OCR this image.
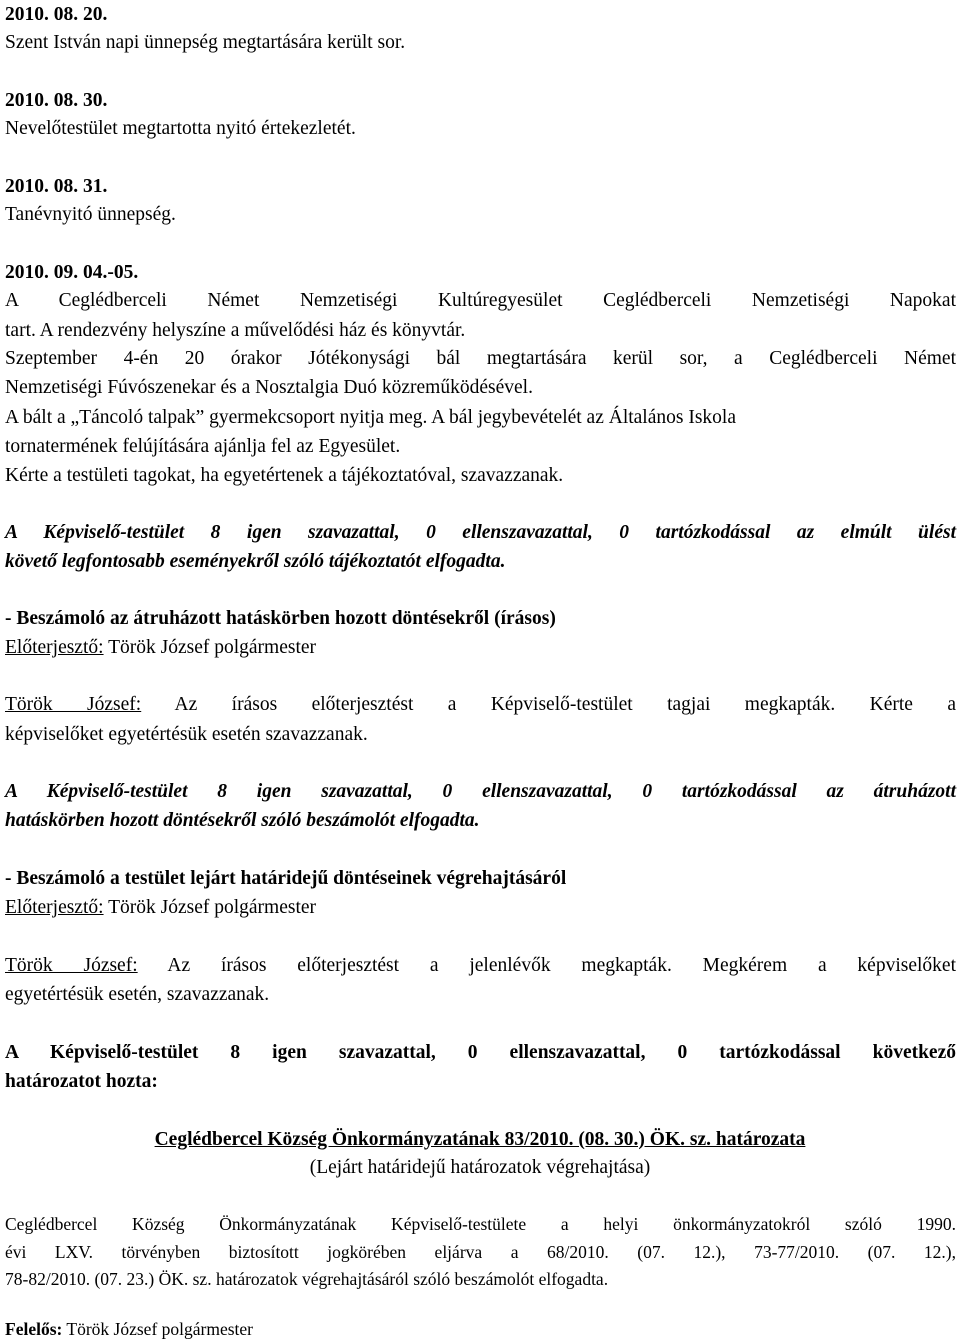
2010. 08. 20.
Szent István napi ünnepség megtartására került sor.
2010. 08. 30.
Nevelőtestület megtartotta nyitó értekezletét.
2010. 08. 31.
Tanévnyitó ünnepség.
2010. 09. 04.-05.
A Ceglédberceli Német Nemzetiségi Kultúregyesület Ceglédberceli Nemzetiségi Napokat
tart. A rendezvény helyszíne a művelődési ház és könyvtár.
Szeptember 4-én 20 órakor Jótékonysági bál megtartására kerül sor, a Ceglédberceli Német
Nemzetiségi Fúvószenekar és a Nosztalgia Duó közreműködésével.
A bált a „Táncoló talpak” gyermekcsoport nyitja meg. A bál jegybevételét az Általános Iskola
tornatermének felújítására ajánlja fel az Egyesület.
Kérte a testületi tagokat, ha egyetértenek a tájékoztatóval, szavazzanak.
A Képviselő-testület 8 igen szavazattal, 0 ellenszavazattal, 0 tartózkodással az elmúlt ülést
követő legfontosabb eseményekről szóló tájékoztatót elfogadta.
- Beszámoló az átruházott hatáskörben hozott döntésekről (írásos)
Előterjesztő: Török József polgármester
Török József: Az írásos előterjesztést a Képviselő-testület tagjai megkapták. Kérte a
képviselőket egyetértésük esetén szavazzanak.
A Képviselő-testület 8 igen szavazattal, 0 ellenszavazattal, 0 tartózkodással az átruházott
hatáskörben hozott döntésekről szóló beszámolót elfogadta.
- Beszámoló a testület lejárt határidejű döntéseinek végrehajtásáról
Előterjesztő: Török József polgármester
Török József: Az írásos előterjesztést a jelenlévők megkapták. Megkérem a képviselőket
egyetértésük esetén, szavazzanak.
A Képviselő-testület 8 igen szavazattal, 0 ellenszavazattal, 0 tartózkodással következő
határozatot hozta:
Ceglédbercel Község Önkormányzatának 83/2010. (08. 30.) ÖK. sz. határozata
(Lejárt határidejű határozatok végrehajtása)
Ceglédbercel Község Önkormányzatának Képviselő-testülete a helyi önkormányzatokról szóló 1990.
évi LXV. törvényben biztosított jogkörében eljárva a 68/2010. (07. 12.), 73-77/2010. (07. 12.),
78-82/2010. (07. 23.) ÖK. sz. határozatok végrehajtásáról szóló beszámolót elfogadta.
Felelős: Török József polgármester
